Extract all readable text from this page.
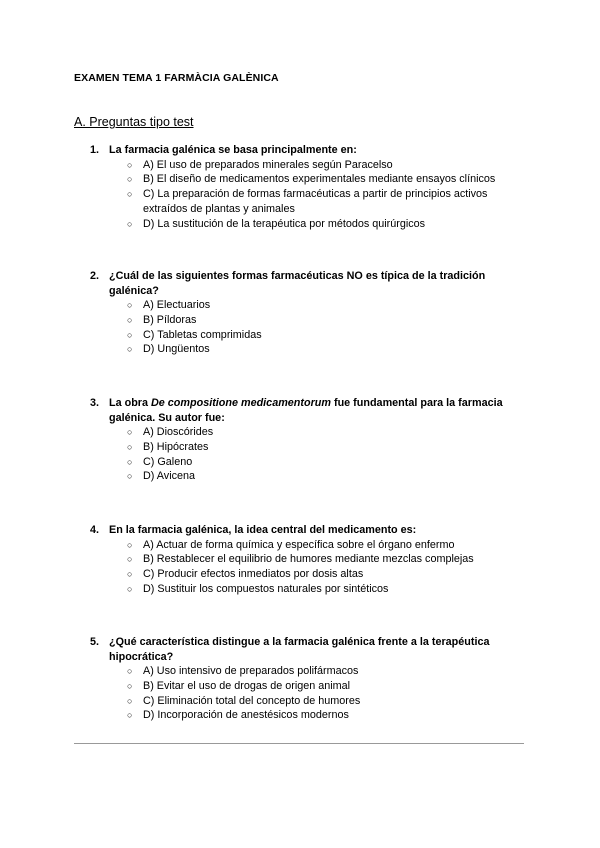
EXAMEN TEMA 1 FARMÀCIA GALÈNICA
A. Preguntas tipo test
1. La farmacia galénica se basa principalmente en:
○ A) El uso de preparados minerales según Paracelso
○ B) El diseño de medicamentos experimentales mediante ensayos clínicos
○ C) La preparación de formas farmacéuticas a partir de principios activos extraídos de plantas y animales
○ D) La sustitución de la terapéutica por métodos quirúrgicos
2. ¿Cuál de las siguientes formas farmacéuticas NO es típica de la tradición galénica?
○ A) Electuarios
○ B) Píldoras
○ C) Tabletas comprimidas
○ D) Ungüentos
3. La obra De compositione medicamentorum fue fundamental para la farmacia galénica. Su autor fue:
○ A) Dioscórides
○ B) Hipócrates
○ C) Galeno
○ D) Avicena
4. En la farmacia galénica, la idea central del medicamento es:
○ A) Actuar de forma química y específica sobre el órgano enfermo
○ B) Restablecer el equilibrio de humores mediante mezclas complejas
○ C) Producir efectos inmediatos por dosis altas
○ D) Sustituir los compuestos naturales por sintéticos
5. ¿Qué característica distingue a la farmacia galénica frente a la terapéutica hipocrática?
○ A) Uso intensivo de preparados polifármacos
○ B) Evitar el uso de drogas de origen animal
○ C) Eliminación total del concepto de humores
○ D) Incorporación de anestésicos modernos
